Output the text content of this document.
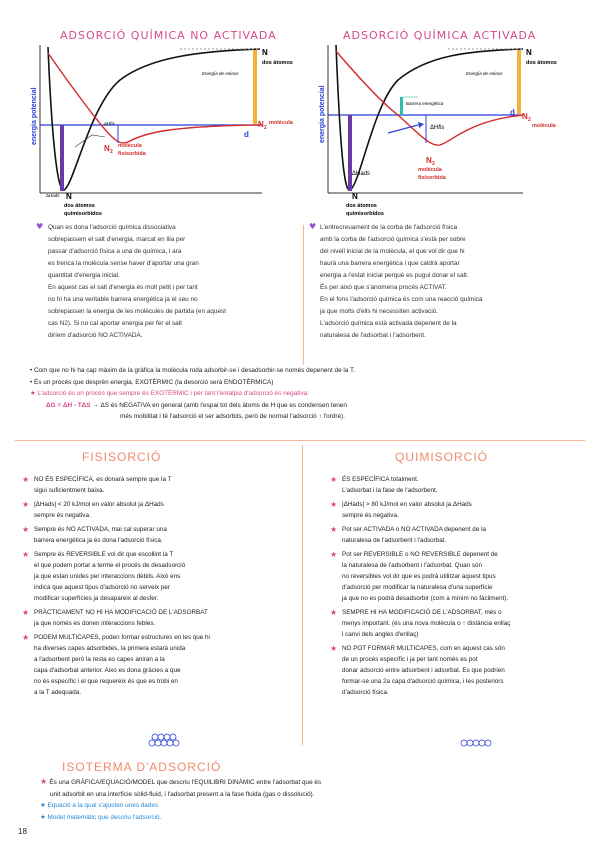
ADSORCIÓ QUÍMICA NO ACTIVADA
energia potencial
N
dos átomos
Energía de enlace
N 2
molécula
d
ΔHfis
N 2
molécula
fisisorbida
ΔHads N
dos átomos
quimisorbidos
ADSORCIÓ QUÍMICA ACTIVADA
energia potencial
N
dos átomos
Energía de enlace
Barrera energética
N 2
molécula
d
ΔHfis
N 2
molécula
fisisorbida
ΔHads
N
dos átomos
quimisorbidos
Quan es dona l'adsorció química dissociativa
sobrepassem el salt d'energia, marcat en lila per
passar d'adsorció física a una de química, i ara
es trenca la molècula sense haver d'aportar una gran
quantitat d'energia inicial.
En aquest cas el salt d'energia és molt petit i per tant
no hi ha una veritable barrera energètica ja el seu no
sobrepassen la energia de les molècules de partida (en aquest
cas N2). Si no cal aportar energia per fer el salt
diríem d'adsorció NO ACTIVADA.
♥	L'entrecreuament de la corba de l'adsorció física
amb la corba de l'adsorció química s'està per sobre
del nivell inicial de la molècula, el que vol dir que hi
haurà una barrera energètica i que caldrà aportar
energia a l'estat inicial perquè es pugui donar el salt.
És per això que s'anomena procés ACTIVAT.
En el fons l'adsorció química és com una reacció química
ja que molts d'ells hi necessiten activació.
L'adsorció química està activada depenent de la
naturalesa de l'adsorbat i l'adsorbent.
♥
• Com que no hi ha cap màxim de la gràfica la molècula roda adsorbir-se i desadsorbir-se només depenent de la T.
• És un procés que desprèn energia, EXOTÈRMIC (la desorció serà ENDOTÈRMICA)
★ L'adsorció és un procés que sempre és EXOTÈRMIC i per tant l'entalpia d'adsorció és negativa:
ΔG = ΔH - TΔS → ΔS és NEGATIVA en general (amb l'espai tot dels àtoms de H que es condensen tenen
més mobilitat i té l'adsorció el ser adsorbits, però de normal l'adsorció ↑ l'ordre).
FISISORCIÓ
★ NO ÉS ESPECÍFICA, es donarà sempre que la T
sigui suficientment baixa.
★ |ΔHads| < 20 kJ/mol en valor absolut ja ΔHads
sempre és negativa.
★ Sempre és NO ACTIVADA, mai cal superar una
barrera energètica ja és dona l'adsorció física.
★ Sempre és REVERSIBLE vol dir que escollint la T
el que podem portar a terme el procés de desadsorció
ja que estan unides per interaccions dèbils. Això ens
indica que aquest tipus d'adsorció no serveix per
modificar superfícies ja desapareix al desfer.
★ PRÀCTICAMENT NO HI HA MODIFICACIÓ DE L'ADSORBAT
ja que només es donen interaccions febles.
★ PODEM MULTICAPES, poden formar estructures en les que hi
ha diverses capes adsorbides, la primera estarà unida
a l'adsorbent però la resta es capes aniran a la
capa d'adsorbat anterior. Aixo es dona gràcies a que
no és específic i el que requereix és que es trobi en
a la T adequada.
QUIMISORCIÓ
★ ÉS ESPECÍFICA totalment.
L'adsorbat i la fase de l'adsorbent.
★ |ΔHads| > 80 kJ/mol en valor absolut ja ΔHads
sempre és negativa.
★ Pot ser ACTIVADA o NO ACTIVADA depenent de la
naturalesa de l'adsorbent i l'adsorbat.
★ Pot ser REVERSIBLE o NO REVERSIBLE depenent de
la naturalesa de l'adsorbent i l'adsorbat. Quan són
no reversibles vol dir que es podrà utilitzar aquest tipus
d'adsorció per modificar la naturalesa d'una superfície
ja que no es podrà desadsorbir (com a mínim no fàcilment).
★ SEMPRE HI HA MODIFICACIÓ DE L'ADSORBAT, més o
menys important. (és una nova molècula o ↑ distància enllaç
i canvi dels angles d'enllaç)
★ NO POT FORMAR MULTICAPES, com en aquest cas són
de un procés específic i ja per tant només es pot
donar adsorció entre adsorbent i adsorbat. Es que podrien
formar-se una 2a capa d'adsorció química, i les posteriors
d'adsorció física.
ISOTERMA D'ADSORCIÓ
★ És una GRÀFICA/EQUACIÓ/MODEL que descriu l'EQUILIBRI DINÀMIC entre l'adsorbat que és
unit adsorbit en una interfície sòlid-fluid, i l'adsorbat present a la fase fluida (gas o dissolució).
★ Equació a la qual s'ajusten unes dades
★ Model matemàtic que descriu l'adsorció.
18
